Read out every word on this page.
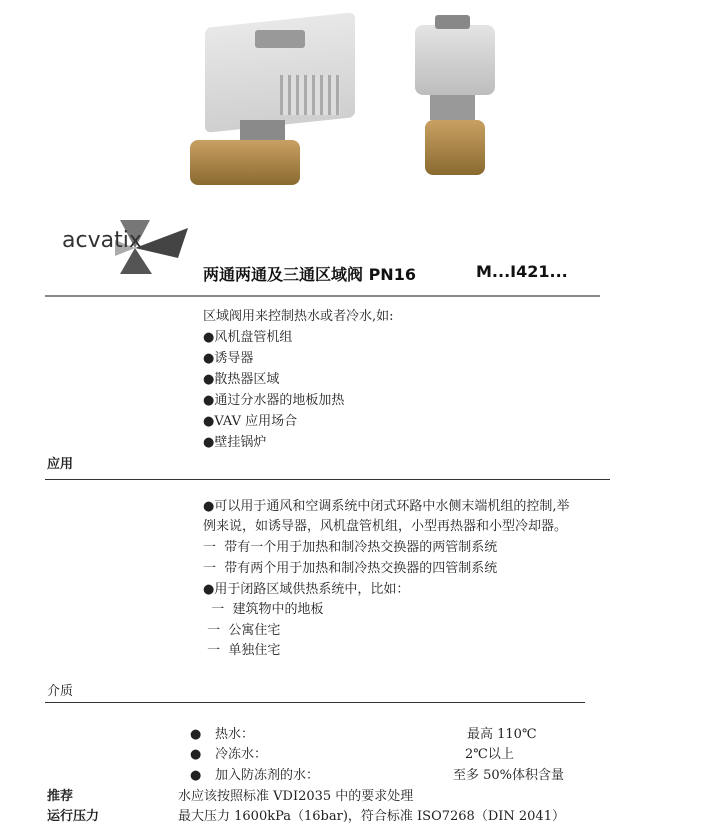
acvatix
两通两通及三通区域阀 PN16	M...I421...
区域阀用来控制热水或者冷水,如:
●风机盘管机组
●诱导器
●散热器区域
●通过分水器的地板加热
●VAV 应用场合
●壁挂锅炉
应用
●可以用于通风和空调系统中闭式环路中水侧末端机组的控制,举
例来说，如诱导器，风机盘管机组，小型再热器和小型冷却器。
一  带有一个用于加热和制冷热交换器的两管制系统
一  带有两个用于加热和制冷热交换器的四管制系统
●用于闭路区域供热系统中，比如：
一  建筑物中的地板
一  公寓住宅
一  单独住宅
介质
● 热水：	最高 110℃
● 冷冻水：	2℃以上
● 加入防冻剂的水：	至多 50%体积含量
推荐	水应该按照标准 VDI2035 中的要求处理
运行压力	最大压力 1600kPa（16bar)，符合标准 ISO7268（DIN 2041）
